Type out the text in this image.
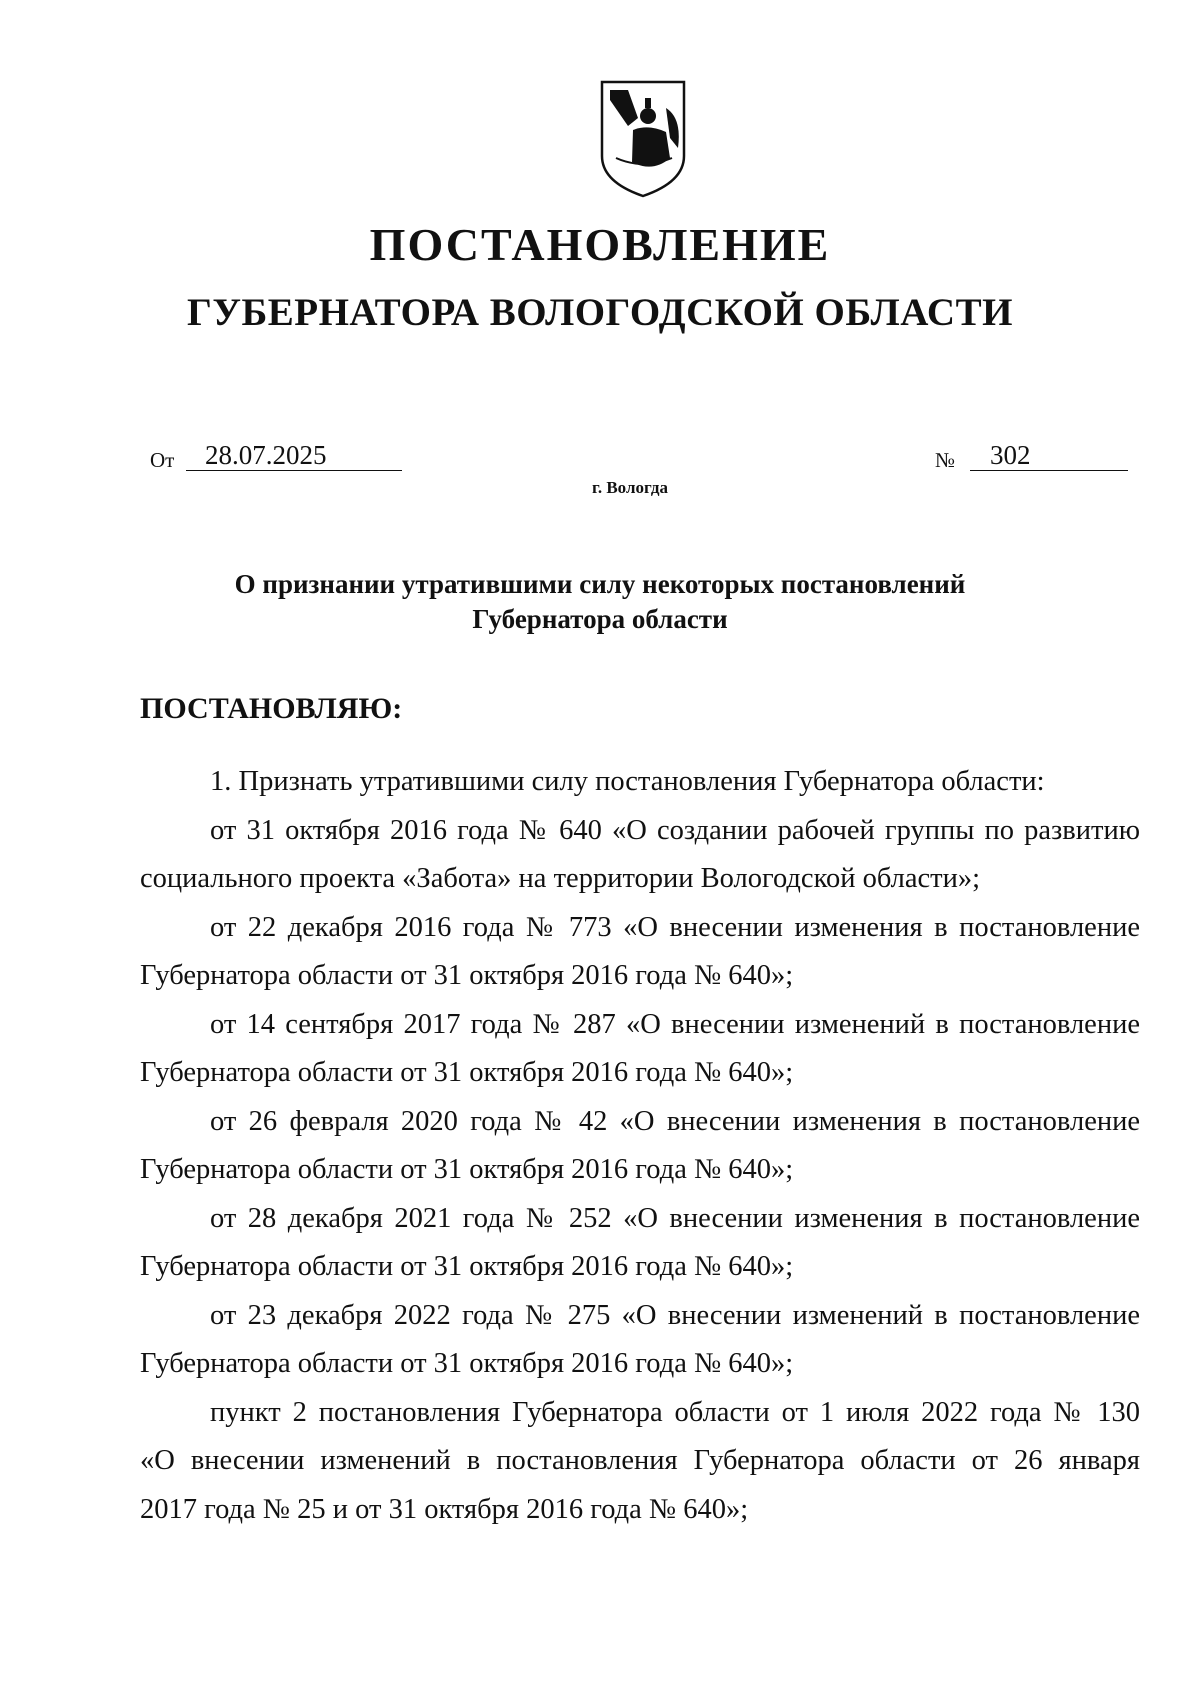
ПОСТАНОВЛЕНИЕ
ГУБЕРНАТОРА ВОЛОГОДСКОЙ ОБЛАСТИ
От 28.07.2025	№ 302
г. Вологда
О признании утратившими силу некоторых постановлений
Губернатора области
ПОСТАНОВЛЯЮ:

1. Признать утратившими силу постановления Губернатора области:

от 31 октября 2016 года № 640 «О создании рабочей группы по развитию
социального проекта «Забота» на территории Вологодской области»;

от 22 декабря 2016 года № 773 «О внесении изменения в постановление
Губернатора области от 31 октября 2016 года № 640»;

от 14 сентября 2017 года № 287 «О внесении изменений в постановление
Губернатора области от 31 октября 2016 года № 640»;

от 26 февраля 2020 года № 42 «О внесении изменения в постановление
Губернатора области от 31 октября 2016 года № 640»;

от 28 декабря 2021 года № 252 «О внесении изменения в постановление
Губернатора области от 31 октября 2016 года № 640»;

от 23 декабря 2022 года № 275 «О внесении изменений в постановление
Губернатора области от 31 октября 2016 года № 640»;

пункт 2 постановления Губернатора области от 1 июля 2022 года № 130
«О внесении изменений в постановления Губернатора области от 26 января
2017 года № 25 и от 31 октября 2016 года № 640»;
